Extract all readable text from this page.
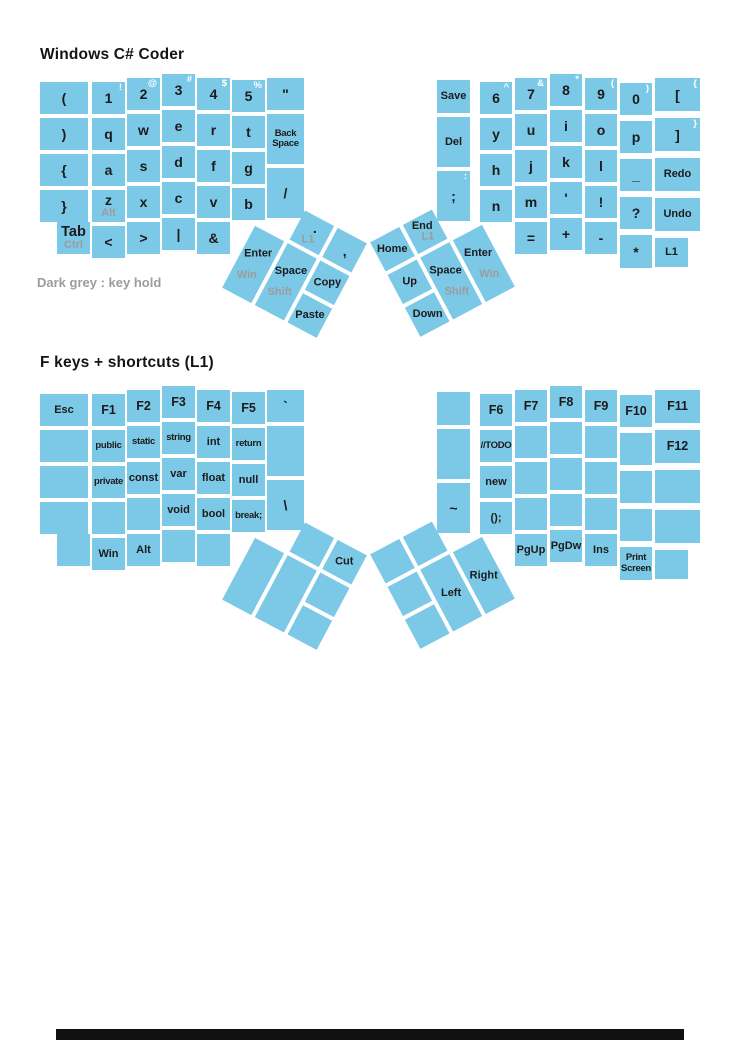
Windows C# Coder
Dark grey : key hold
F keys + shortcuts (L1)
(
)
{
}
Tab
Ctrl
!
1
q
a
z
Alt
<
@
2
w
s
x
>
#
3
e
d
c
|
$
4
r
f
v
&
%
5
t
g
b
"
Back Space
/
Save
Del
:
;
^
6
y
h
n
&
7
u
j
m
=
*
8
i
k
'
+
(
9
o
l
!
-
)
0
p
_
?
*
{
[
}
]
Redo
Undo
L1
Enter
Win
.
L1
Space
Shift
,
Copy
Paste
Home
Up
Down
End
L1
Space
Shift
Enter
Win
Esc F1
public
private
Win
F2
static
const
Alt
F3
string
var
void
F4
int
float
bool
F5
return
null
break;
`
\	~
F6
//TODO
new
();
F7
PgUp
F8
PgDw
F9
Ins
F10
Print Screen
F11
F12
Cut
Left
Right
